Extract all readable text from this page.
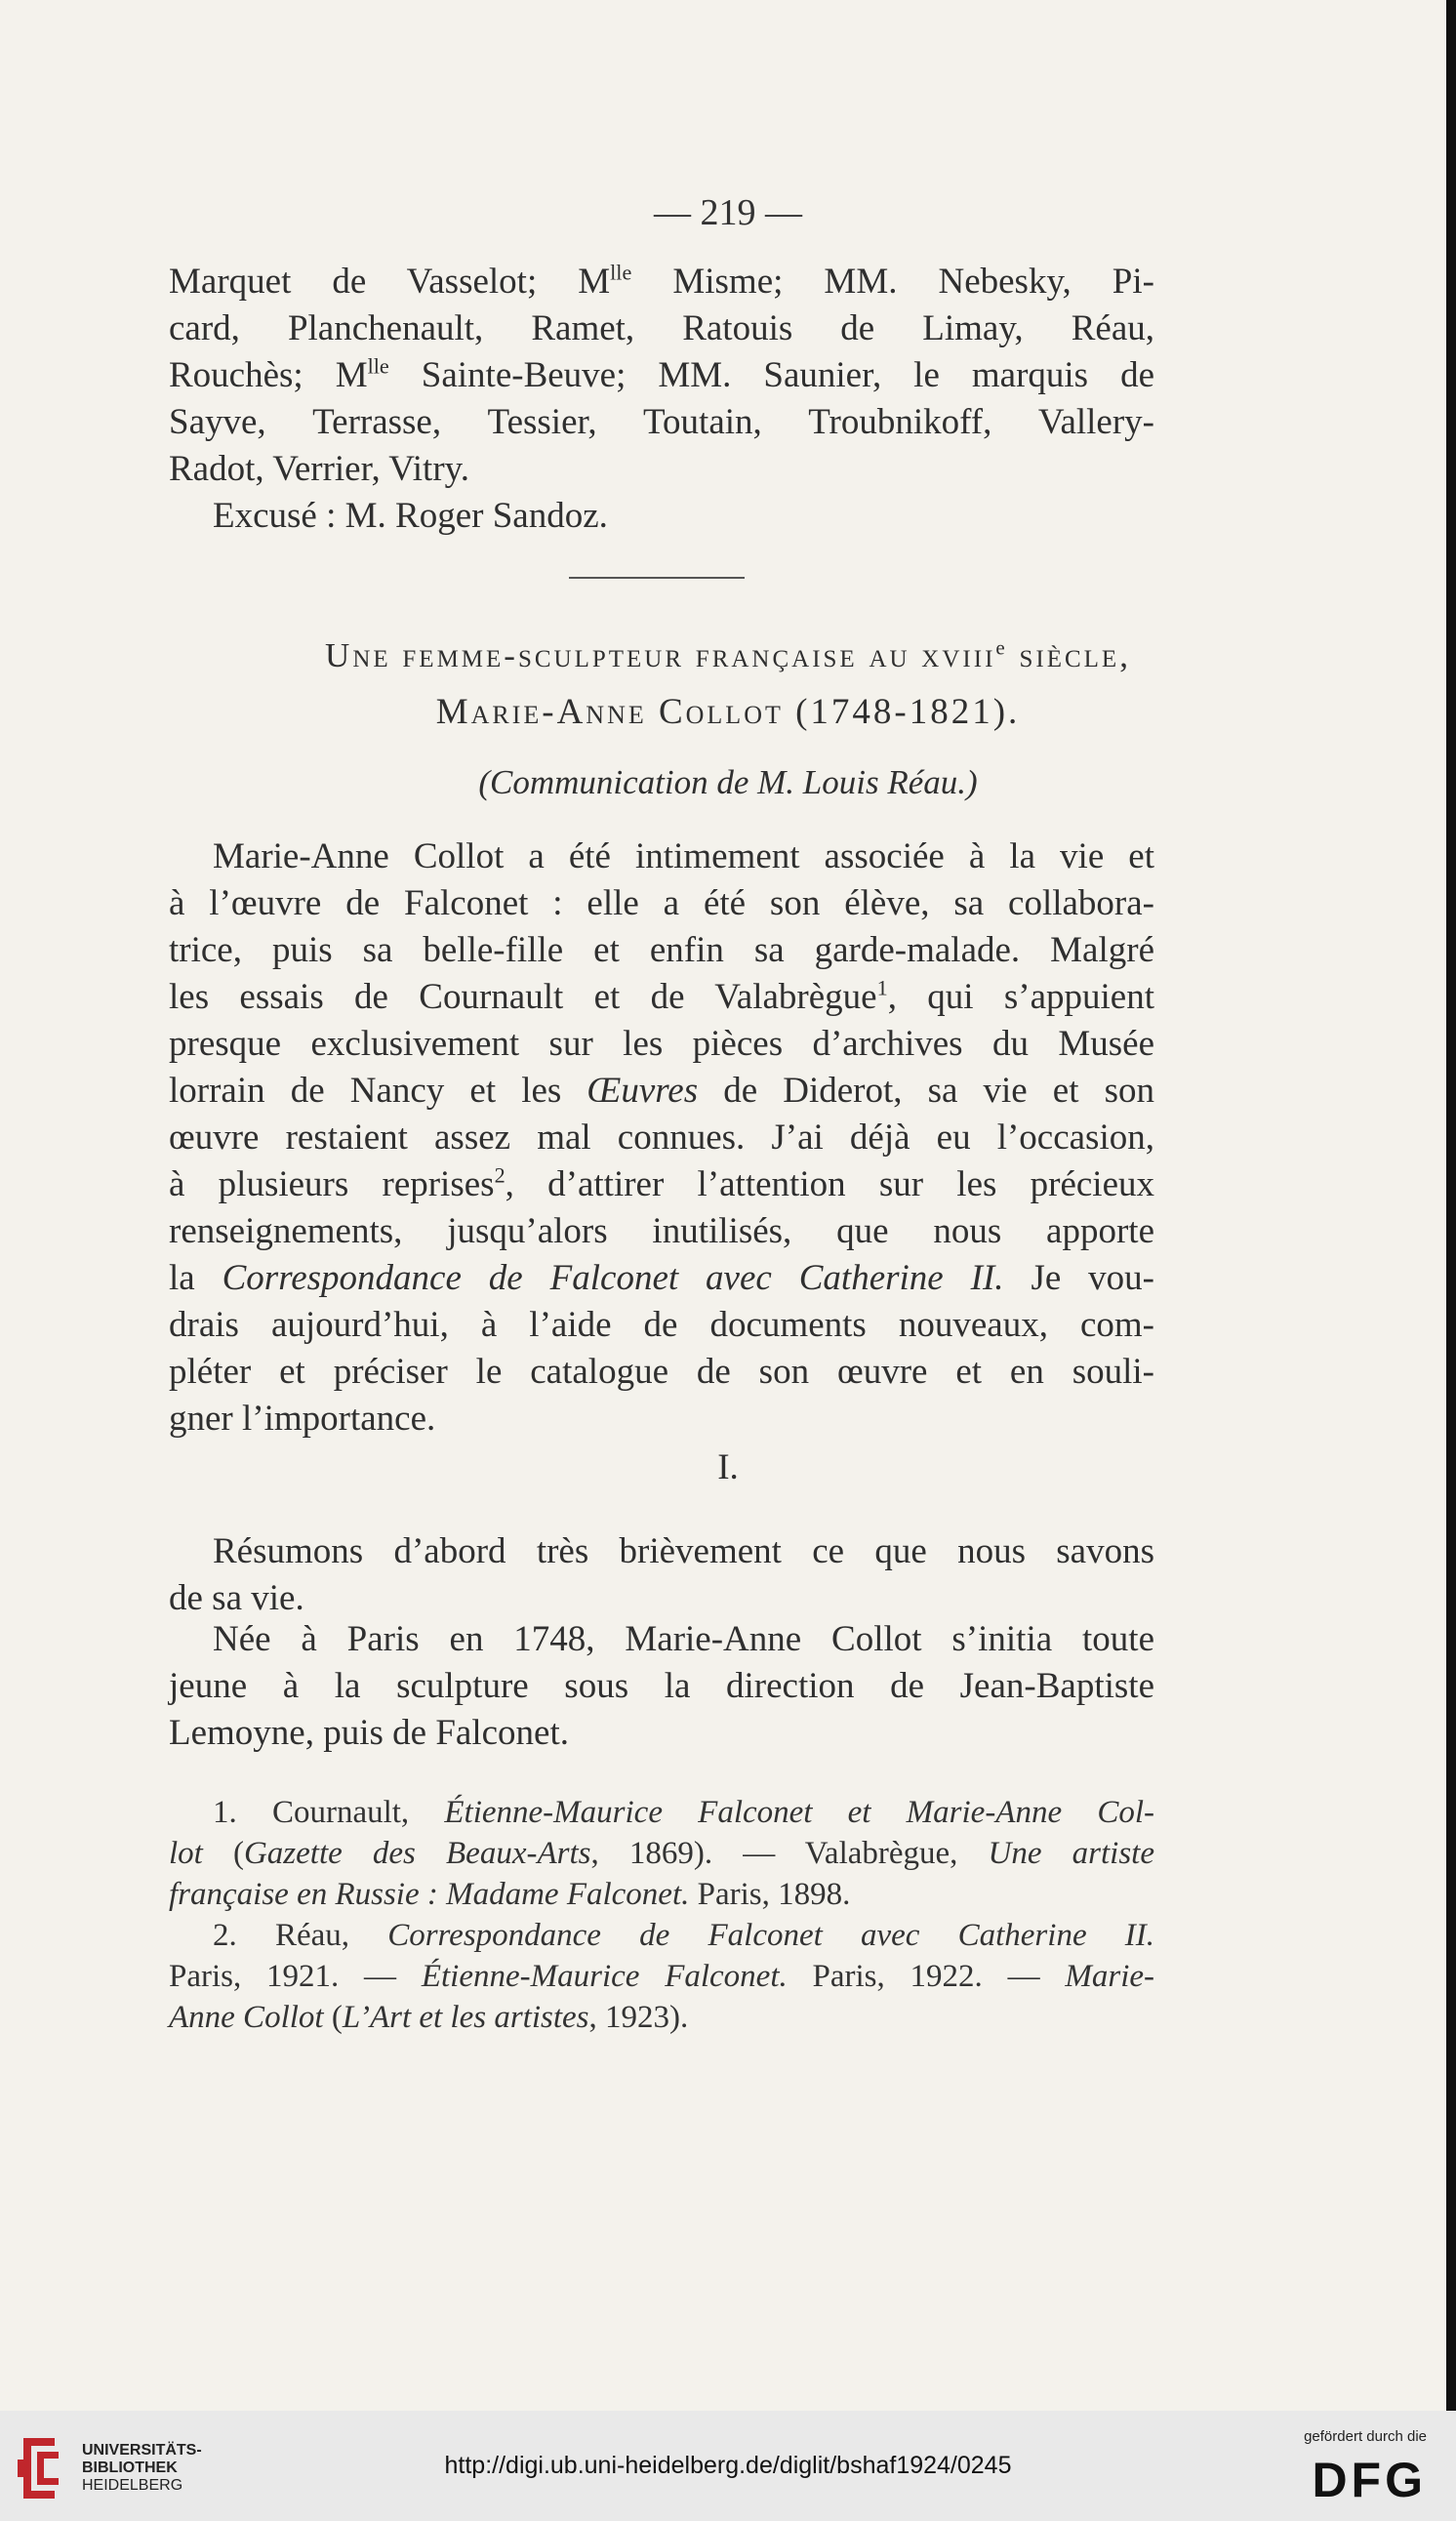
— 219 —
Marquet de Vasselot; $M^{lle}$ Misme; MM. Nebesky, Pi-
card, Planchenault, Ramet, Ratouis de Limay, Réau,
Rouchès; $M^{lle}$ Sainte-Beuve; MM. Saunier, le marquis de
Sayve, Terrasse, Tessier, Toutain, Troubnikoff, Vallery-
Radot, Verrier, Vitry.
Excusé : M. Roger Sandoz.
Une femme-sculpteur française au xviii$^e$ siècle,
Marie-Anne Collot (1748-1821).
(Communication de M. Louis Réau.)
Marie-Anne Collot a été intimement associée à la vie et
à l’œuvre de Falconet : elle a été son élève, sa collabora-
trice, puis sa belle-fille et enfin sa garde-malade. Malgré
les essais de Cournault et de Valabrègue$^1$, qui s’appuient
presque exclusivement sur les pièces d’archives du Musée
lorrain de Nancy et les Œuvres de Diderot, sa vie et son
œuvre restaient assez mal connues. J’ai déjà eu l’occasion,
à plusieurs reprises$^2$, d’attirer l’attention sur les précieux
renseignements, jusqu’alors inutilisés, que nous apporte
la Correspondance de Falconet avec Catherine II. Je vou-
drais aujourd’hui, à l’aide de documents nouveaux, com-
pléter et préciser le catalogue de son œuvre et en souli-
gner l’importance.
I.
Résumons d’abord très brièvement ce que nous savons
de sa vie.
Née à Paris en 1748, Marie-Anne Collot s’initia toute
jeune à la sculpture sous la direction de Jean-Baptiste
Lemoyne, puis de Falconet.
1. Cournault, Étienne-Maurice Falconet et Marie-Anne Col-
lot (Gazette des Beaux-Arts, 1869). — Valabrègue, Une artiste
française en Russie : Madame Falconet. Paris, 1898.
2. Réau, Correspondance de Falconet avec Catherine II.
Paris, 1921. — Étienne-Maurice Falconet. Paris, 1922. — Marie-
Anne Collot (L’Art et les artistes, 1923).
UNIVERSITÄTS-
BIBLIOTHEK
HEIDELBERG
http://digi.ub.uni-heidelberg.de/diglit/bshaf1924/0245
gefördert durch die
DFG
